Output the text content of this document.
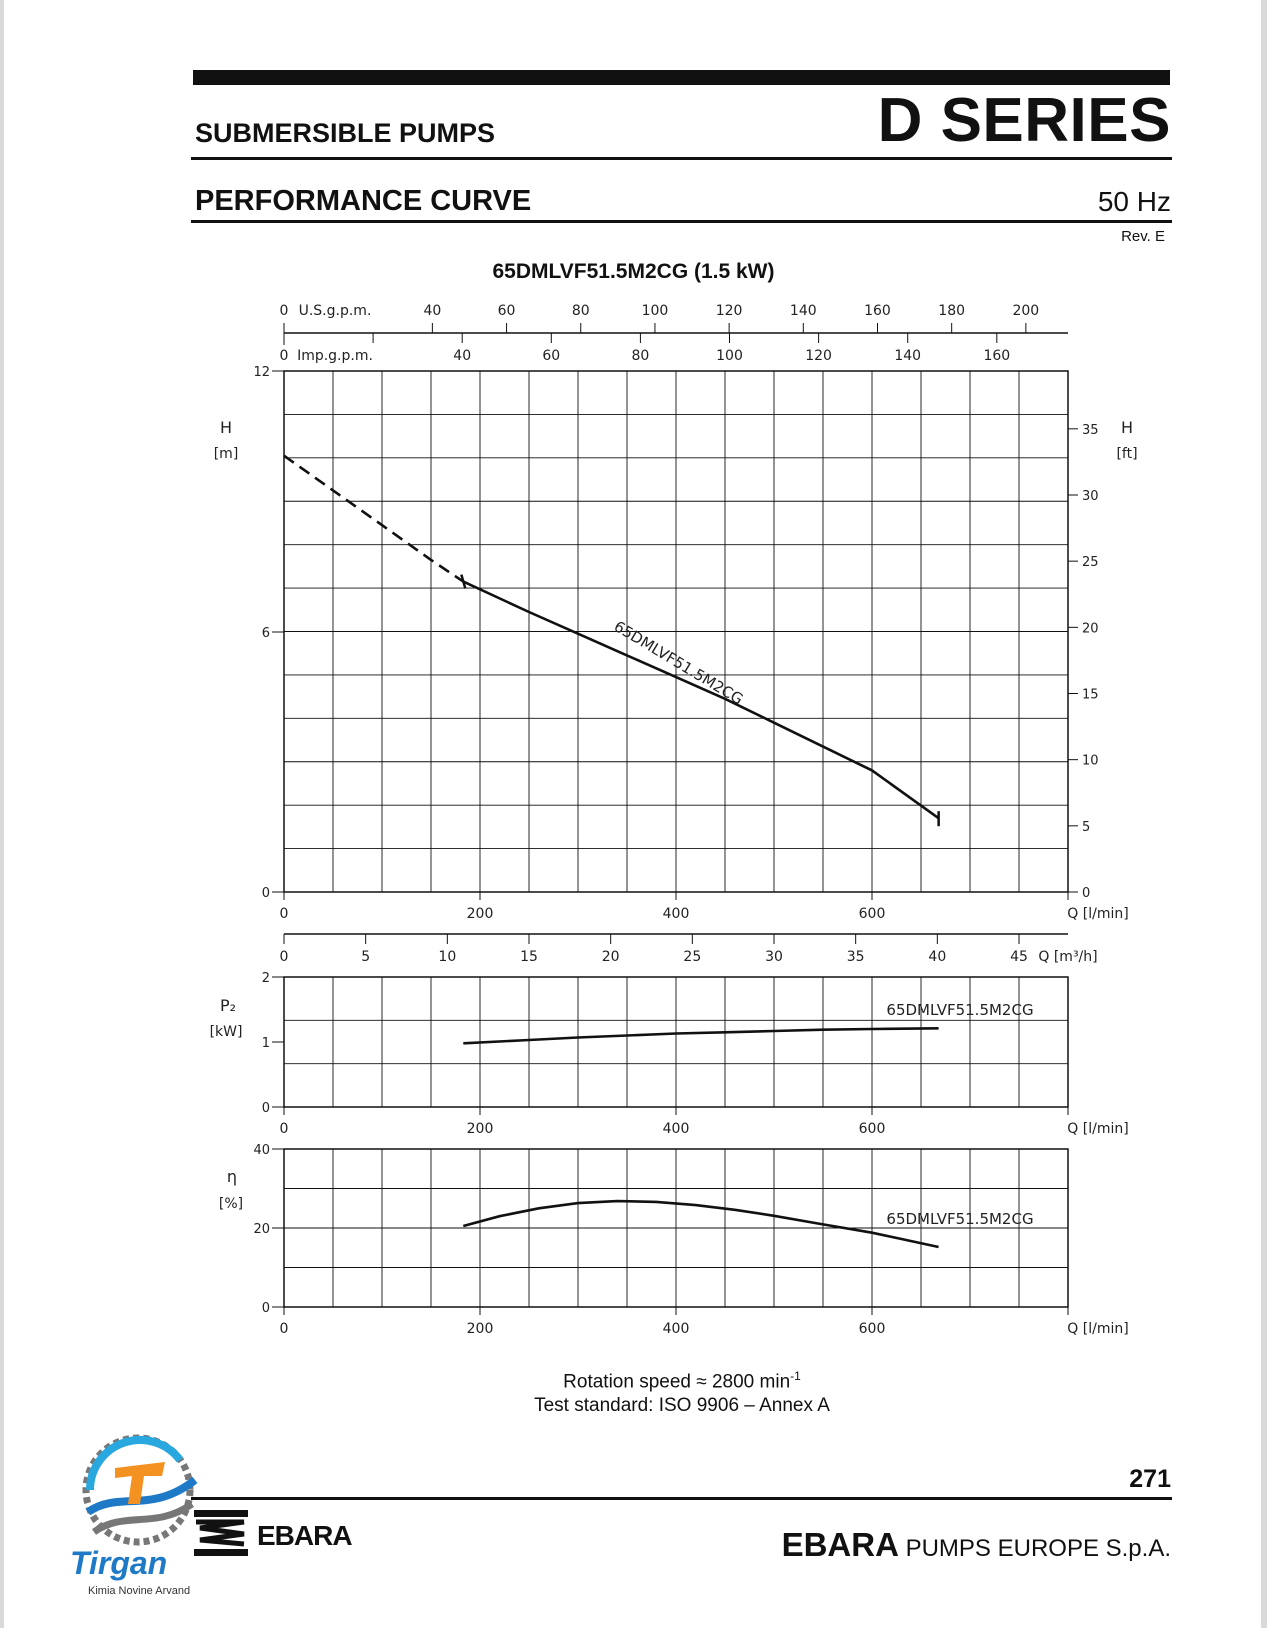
D SERIES
SUBMERSIBLE PUMPS
PERFORMANCE CURVE	50 Hz
Rev. E
65DMLVF51.5M2CG (1.5 kW)
0
6
12
0	200	400	600	Q [l/min]
0
1
2
0	200	400	600	Q [l/min]
0
20
40
0	200	400	600	Q [l/min]
H
[m]
0
5
10
15
20
25
30
35 H
[ft]
65DMLVF51.5M2CG
0	40	60	80	100	120	140	160	180	200
U.S.g.p.m.
0	40	60	80	100	120	140	160
Imp.g.p.m.
0	5	10	15	20	25	30	35	40	45 Q [m³/h]
P₂
[kW]
65DMLVF51.5M2CG
η
[%]
65DMLVF51.5M2CG
Rotation speed ≈ 2800 $\min^{-1}$
Test standard: ISO 9906 – Annex A
271
EBARA PUMPS EUROPE S.p.A.
EBARA
Tirgan
Kimia Novine Arvand
